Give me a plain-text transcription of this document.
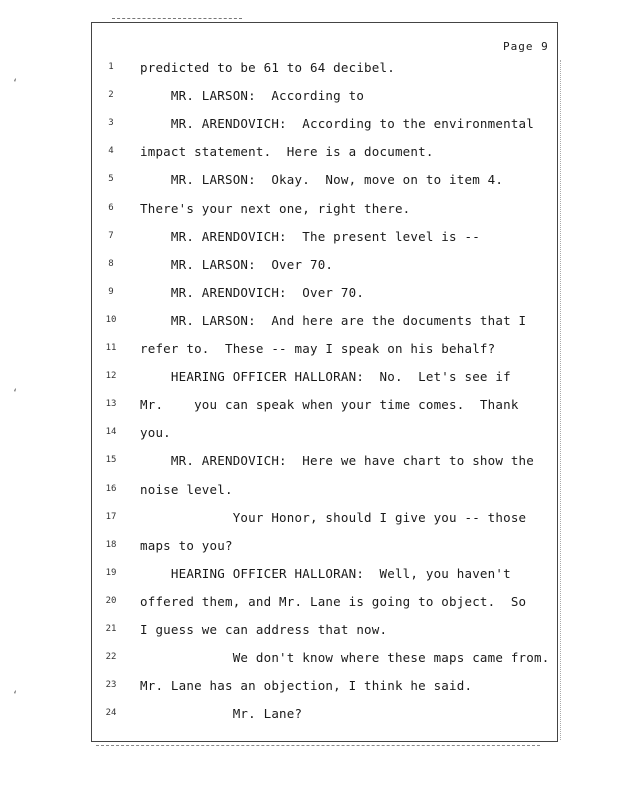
‘
‘
‘
Page 9
1	predicted to be 61 to 64 decibel.
2	MR. LARSON:  According to
3	MR. ARENDOVICH:  According to the environmental
4	impact statement.  Here is a document.
5	MR. LARSON:  Okay.  Now, move on to item 4.
6	There's your next one, right there.
7	MR. ARENDOVICH:  The present level is --
8	MR. LARSON:  Over 70.
9	MR. ARENDOVICH:  Over 70.
10	MR. LARSON:  And here are the documents that I
11	refer to.  These -- may I speak on his behalf?
12	HEARING OFFICER HALLORAN:  No.  Let's see if
13	Mr.    you can speak when your time comes.  Thank
14	you.
15	MR. ARENDOVICH:  Here we have chart to show the
16	noise level.
17	Your Honor, should I give you -- those
18	maps to you?
19	HEARING OFFICER HALLORAN:  Well, you haven't
20	offered them, and Mr. Lane is going to object.  So
21	I guess we can address that now.
22	We don't know where these maps came from.
23	Mr. Lane has an objection, I think he said.
24	Mr. Lane?
